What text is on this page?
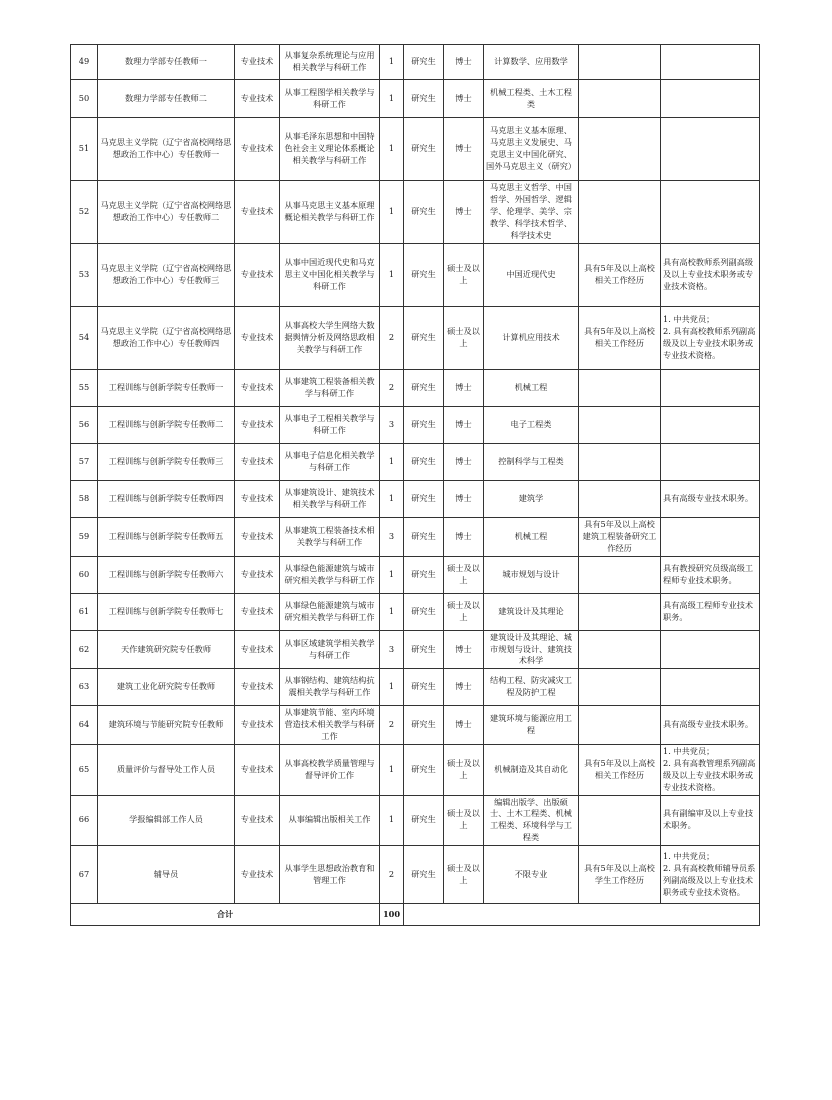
49	数理力学部专任教师一	专业技术	从事复杂系统理论与应用相关教学与科研工作	1	研究生	博士	计算数学、应用数学		
50	数理力学部专任教师二	专业技术	从事工程图学相关教学与科研工作	1	研究生	博士	机械工程类、土木工程类		
51	马克思主义学院（辽宁省高校网络思想政治工作中心）专任教师一	专业技术	从事毛泽东思想和中国特色社会主义理论体系概论相关教学与科研工作	1	研究生	博士	马克思主义基本原理、马克思主义发展史、马克思主义中国化研究、国外马克思主义（研究）		
52	马克思主义学院（辽宁省高校网络思想政治工作中心）专任教师二	专业技术	从事马克思主义基本原理概论相关教学与科研工作	1	研究生	博士	马克思主义哲学、中国哲学、外国哲学、逻辑学、伦理学、美学、宗教学、科学技术哲学、科学技术史		
53	马克思主义学院（辽宁省高校网络思想政治工作中心）专任教师三	专业技术	从事中国近现代史和马克思主义中国化相关教学与科研工作	1	研究生	硕士及以上	中国近现代史	具有5年及以上高校相关工作经历	具有高校教师系列副高级及以上专业技术职务或专业技术资格。
54	马克思主义学院（辽宁省高校网络思想政治工作中心）专任教师四	专业技术	从事高校大学生网络大数据舆情分析及网络思政相关教学与科研工作	2	研究生	硕士及以上	计算机应用技术	具有5年及以上高校相关工作经历	1. 中共党员；
2. 具有高校教师系列副高级及以上专业技术职务或专业技术资格。
55	工程训练与创新学院专任教师一	专业技术	从事建筑工程装备相关教学与科研工作	2	研究生	博士	机械工程		
56	工程训练与创新学院专任教师二	专业技术	从事电子工程相关教学与科研工作	3	研究生	博士	电子工程类		
57	工程训练与创新学院专任教师三	专业技术	从事电子信息化相关教学与科研工作	1	研究生	博士	控制科学与工程类		
58	工程训练与创新学院专任教师四	专业技术	从事建筑设计、建筑技术相关教学与科研工作	1	研究生	博士	建筑学		具有高级专业技术职务。
59	工程训练与创新学院专任教师五	专业技术	从事建筑工程装备技术相关教学与科研工作	3	研究生	博士	机械工程	具有5年及以上高校建筑工程装备研究工作经历	
60	工程训练与创新学院专任教师六	专业技术	从事绿色能源建筑与城市研究相关教学与科研工作	1	研究生	硕士及以上	城市规划与设计		具有教授研究员级高级工程师专业技术职务。
61	工程训练与创新学院专任教师七	专业技术	从事绿色能源建筑与城市研究相关教学与科研工作	1	研究生	硕士及以上	建筑设计及其理论		具有高级工程师专业技术职务。
62	天作建筑研究院专任教师	专业技术	从事区域建筑学相关教学与科研工作	3	研究生	博士	建筑设计及其理论、城市规划与设计、建筑技术科学		
63	建筑工业化研究院专任教师	专业技术	从事钢结构、建筑结构抗震相关教学与科研工作	1	研究生	博士	结构工程、防灾减灾工程及防护工程		
64	建筑环境与节能研究院专任教师	专业技术	从事建筑节能、室内环境营造技术相关教学与科研工作	2	研究生	博士	建筑环境与能源应用工程		具有高级专业技术职务。
65	质量评价与督导处工作人员	专业技术	从事高校教学质量管理与督导评价工作	1	研究生	硕士及以上	机械制造及其自动化	具有5年及以上高校相关工作经历	1. 中共党员；
2. 具有高教管理系列副高级及以上专业技术职务或专业技术资格。
66	学报编辑部工作人员	专业技术	从事编辑出版相关工作	1	研究生	硕士及以上	编辑出版学、出版硕士、土木工程类、机械工程类、环境科学与工程类		具有副编审及以上专业技术职务。
67	辅导员	专业技术	从事学生思想政治教育和管理工作	2	研究生	硕士及以上	不限专业	具有5年及以上高校学生工作经历	1. 中共党员；
2. 具有高校教师辅导员系列副高级及以上专业技术职务或专业技术资格。
合计				100					
